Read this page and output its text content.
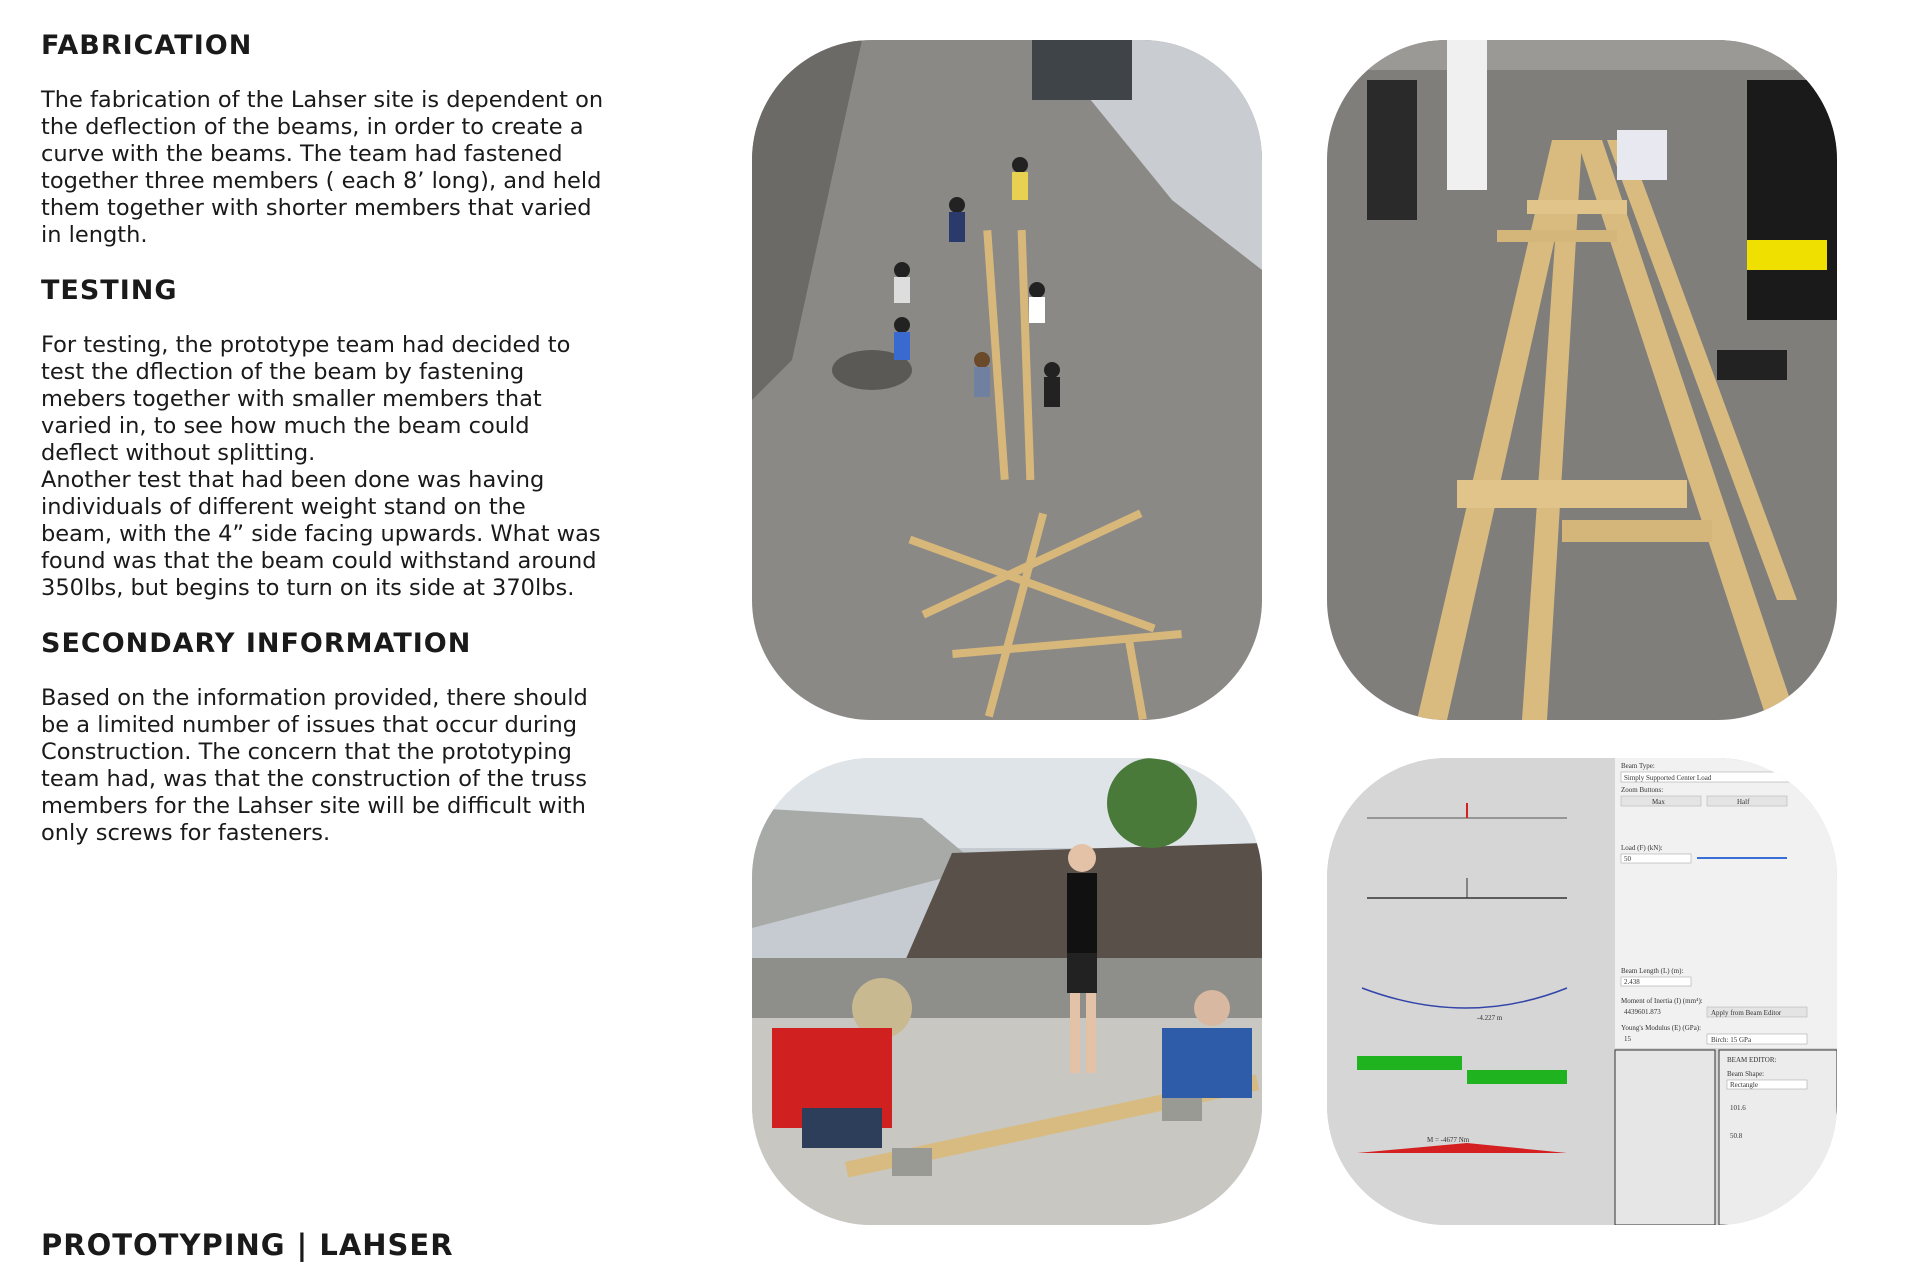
FABRICATION

The fabrication of the Lahser site is dependent on
the deflection of the beams, in order to create a
curve with the beams. The team had fastened
together three members ( each 8’ long), and held
them together with shorter members that varied
in length.

TESTING

For testing, the prototype team had decided to
test the dflection of the beam by fastening
mebers together with smaller members that
varied in, to see how much the beam could
deflect without splitting.
Another test that had been done was having
individuals of different weight stand on the
beam, with the 4” side facing upwards. What was
found was that the beam could withstand around
350lbs, but begins to turn on its side at 370lbs.

SECONDARY INFORMATION

Based on the information provided, there should
be a limited number of issues that occur during
Construction. The concern that the prototyping
team had, was that the construction of the truss
members for the Lahser site will be difficult with
only screws for fasteners.

PROTOTYPING | LAHSER
-4.227 m
M = -4677 Nm
Beam Type:
Simply Supported Center Load
Zoom Buttons:
Max	Half
Load (F) (kN):
50
Beam Length (L) (m):
2.438
Moment of Inertia (I) (mm⁴):
4439601.873	Apply from Beam Editor
Young's Modulus (E) (GPa):
15	Birch: 15 GPa
BEAM EDITOR:
Beam Shape:
Rectangle
101.6
50.8
